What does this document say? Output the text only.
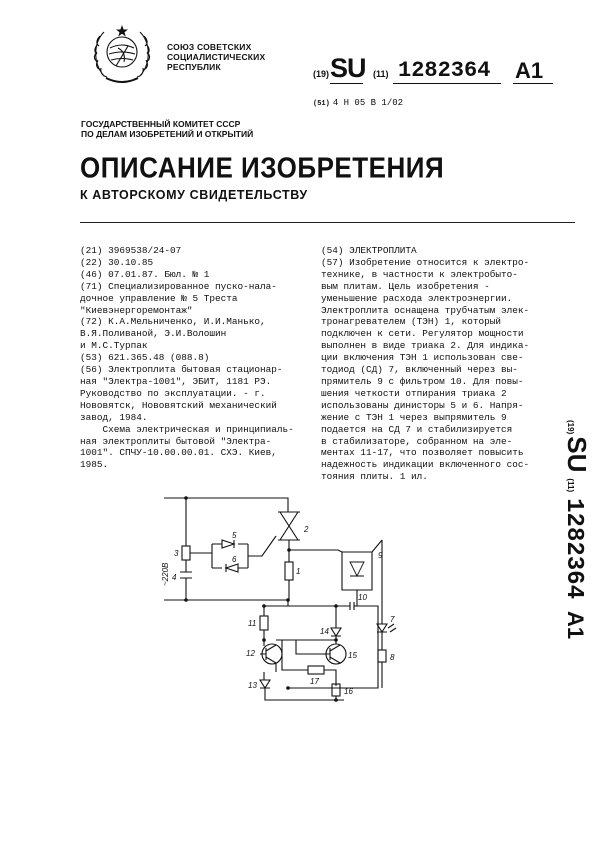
СОЮЗ СОВЕТСКИХ
СОЦИАЛИСТИЧЕСКИХ
РЕСПУБЛИК
(19) SU (11) 1282364 A1
(51) 4 Н 05 В 1/02
ГОСУДАРСТВЕННЫЙ КОМИТЕТ СССР
ПО ДЕЛАМ ИЗОБРЕТЕНИЙ И ОТКРЫТИЙ
ОПИСАНИЕ ИЗОБРЕТЕНИЯ
К АВТОРСКОМУ СВИДЕТЕЛЬСТВУ
(21) 3969538/24-07
(22) 30.10.85
(46) 07.01.87. Бюл. № 1
(71) Специализированное пуско-нала-
дочное управление № 5 Треста
"Киевэнергоремонтаж"
(72) К.А.Мельниченко, И.И.Манько,
В.Я.Поливаной, Э.И.Волошин
и М.С.Турпак
(53) 621.365.48 (088.8)
(56) Электроплита бытовая стационар-
ная "Электра-1001", ЭБИТ, 1181 РЭ.
Руководство по эксплуатации. - г.
Нововятск, Нововятский механический
завод, 1984.
Схема электрическая и принципиаль-
ная электроплиты бытовой "Электра-
1001". СПЧУ-10.00.00.01. СХЭ. Киев,
1985.
(54) ЭЛЕКТРОПЛИТА
(57) Изобретение относится к электро-
технике, в частности к электробыто-
вым плитам. Цель изобретения -
уменьшение расхода электроэнергии.
Электроплита оснащена трубчатым элек-
тронагревателем (ТЭН) 1, который
подключен к сети. Регулятор мощности
выполнен в виде триака 2. Для индика-
ции включения ТЭН 1 использован све-
тодиод (СД) 7, включенный через вы-
прямитель 9 с фильтром 10. Для повы-
шения четкости отпирания триака 2
использованы динисторы 5 и 6. Напря-
жение с ТЭН 1 через выпрямитель 9
подается на СД 7 и стабилизируется
в стабилизаторе, собранном на эле-
ментах 11-17, что позволяет повысить
надежность индикации включенного сос-
тояния плиты. 1 ил.
(19)SU(11)1282364A1
~220В	1
2
3
4
5
6
7
8
9
10
11
12
13
14
15
16
17
